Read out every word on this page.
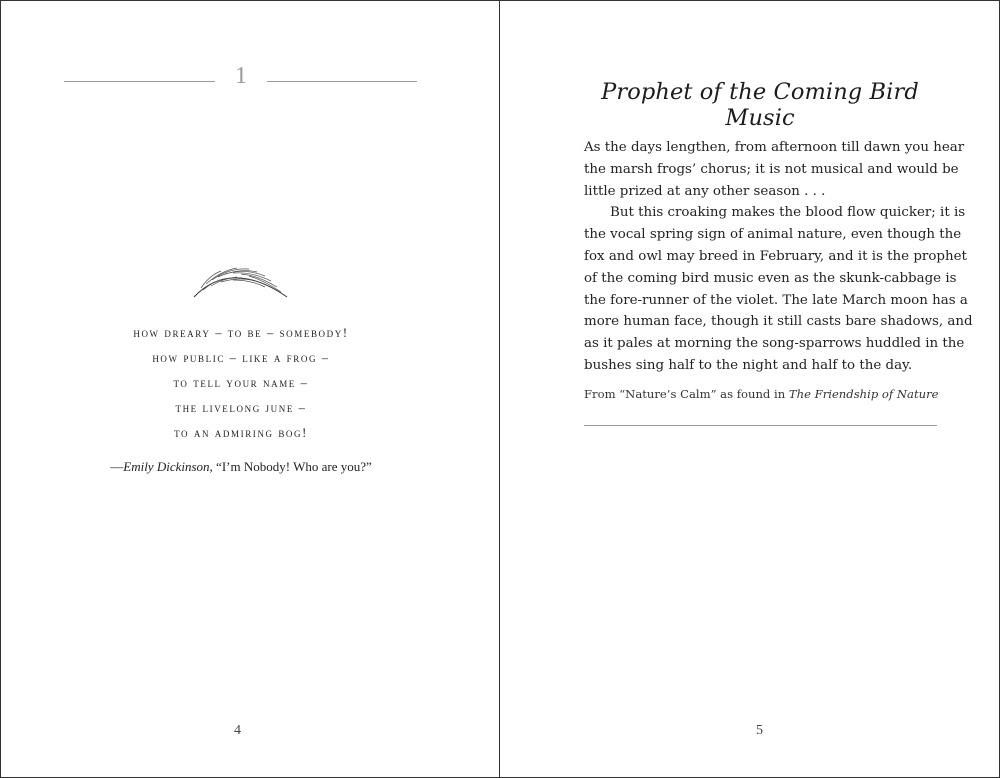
1
how dreary – to be – somebody!
how public – like a frog –
to tell your name –
the livelong june –
to an admiring bog!
—Emily Dickinson, “I’m Nobody! Who are you?”
4
Prophet of the Coming Bird Music
As the days lengthen, from afternoon till dawn you hear
the marsh frogs’ chorus; it is not musical and would be
little prized at any other season . . .
But this croaking makes the blood flow quicker; it is
the vocal spring sign of animal nature, even though the
fox and owl may breed in February, and it is the prophet
of the coming bird music even as the skunk-cabbage is
the fore-runner of the violet. The late March moon has a
more human face, though it still casts bare shadows, and
as it pales at morning the song-sparrows huddled in the
bushes sing half to the night and half to the day.
From “Nature’s Calm” as found in The Friendship of Nature
5
